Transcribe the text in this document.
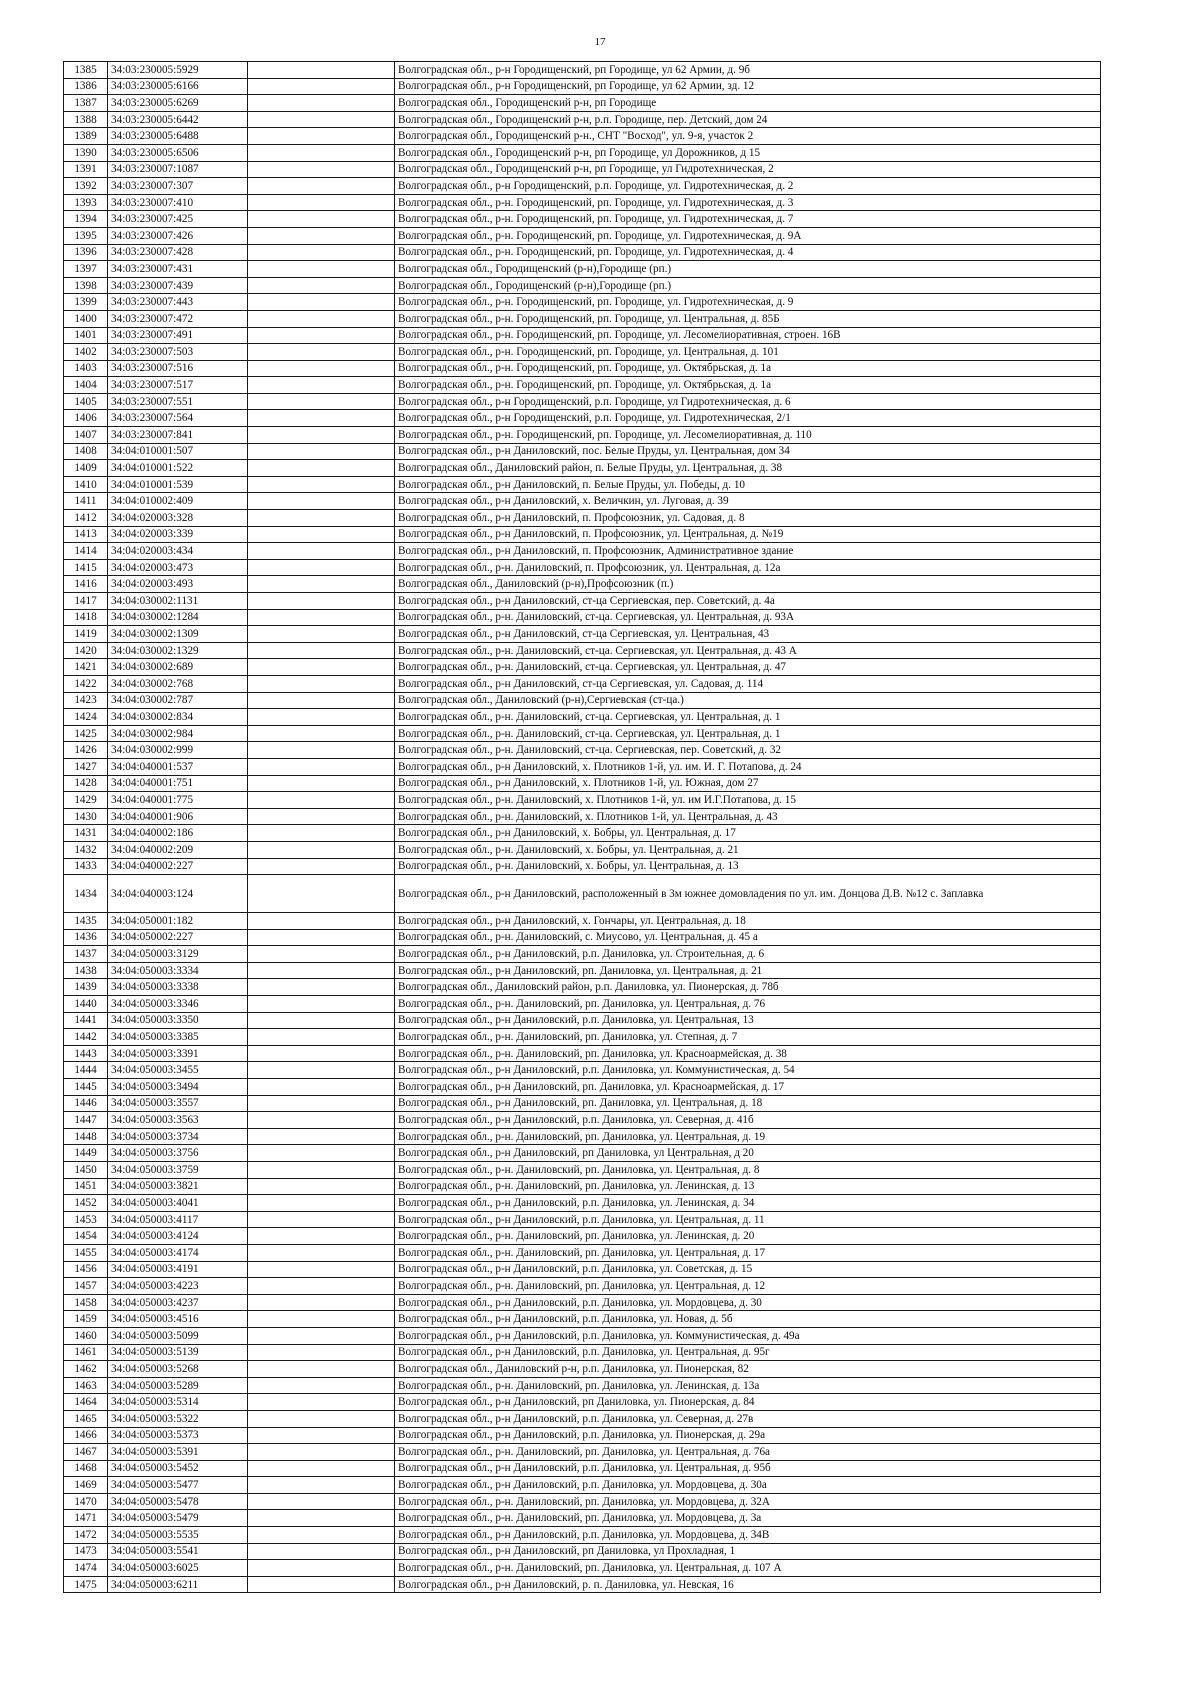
17
1385	34:03:230005:5929		Волгоградская обл., р-н Городищенский, рп Городище, ул 62 Армии, д. 9б
1386	34:03:230005:6166		Волгоградская обл., р-н Городищенский, рп Городище, ул 62 Армии, зд. 12
1387	34:03:230005:6269		Волгоградская обл., Городищенский р-н, рп Городище
1388	34:03:230005:6442		Волгоградская обл., Городищенский р-н, р.п. Городище, пер. Детский, дом 24
1389	34:03:230005:6488		Волгоградская обл., Городищенский р-н., СНТ "Восход", ул. 9-я, участок 2
1390	34:03:230005:6506		Волгоградская обл., Городищенский р-н, рп Городище, ул Дорожников, д 15
1391	34:03:230007:1087		Волгоградская обл., Городищенский р-н, рп Городище, ул Гидротехническая, 2
1392	34:03:230007:307		Волгоградская обл., р-н Городищенский, р.п. Городище, ул. Гидротехническая, д. 2
1393	34:03:230007:410		Волгоградская обл., р-н. Городищенский, рп. Городище, ул. Гидротехническая, д. 3
1394	34:03:230007:425		Волгоградская обл., р-н. Городищенский, рп. Городище, ул. Гидротехническая, д. 7
1395	34:03:230007:426		Волгоградская обл., р-н. Городищенский, рп. Городище, ул. Гидротехническая, д. 9А
1396	34:03:230007:428		Волгоградская обл., р-н. Городищенский, рп. Городище, ул. Гидротехническая, д. 4
1397	34:03:230007:431		Волгоградская обл., Городищенский (р-н),Городище (рп.)
1398	34:03:230007:439		Волгоградская обл., Городищенский (р-н),Городище (рп.)
1399	34:03:230007:443		Волгоградская обл., р-н. Городищенский, рп. Городище, ул. Гидротехническая, д. 9
1400	34:03:230007:472		Волгоградская обл., р-н. Городищенский, рп. Городище, ул. Центральная, д. 85Б
1401	34:03:230007:491		Волгоградская обл., р-н. Городищенский, рп. Городище, ул. Лесомелиоративная, строен. 16В
1402	34:03:230007:503		Волгоградская обл., р-н. Городищенский, рп. Городище, ул. Центральная, д. 101
1403	34:03:230007:516		Волгоградская обл., р-н. Городищенский, рп. Городище, ул. Октябрьская, д. 1а
1404	34:03:230007:517		Волгоградская обл., р-н. Городищенский, рп. Городище, ул. Октябрьская, д. 1а
1405	34:03:230007:551		Волгоградская обл., р-н Городищенский, р.п. Городище, ул Гидротехническая, д. 6
1406	34:03:230007:564		Волгоградская обл., р-н Городищенский, р.п. Городище, ул. Гидротехническая, 2/1
1407	34:03:230007:841		Волгоградская обл., р-н. Городищенский, рп. Городище, ул. Лесомелиоративная, д. 110
1408	34:04:010001:507		Волгоградская обл., р-н Даниловский, пос. Белые Пруды, ул. Центральная, дом 34
1409	34:04:010001:522		Волгоградская обл., Даниловский район, п. Белые Пруды, ул. Центральная, д. 38
1410	34:04:010001:539		Волгоградская обл., р-н Даниловский, п. Белые Пруды, ул. Победы, д. 10
1411	34:04:010002:409		Волгоградская обл., р-н Даниловский, х. Величкин, ул. Луговая, д. 39
1412	34:04:020003:328		Волгоградская обл., р-н Даниловский, п. Профсоюзник, ул. Садовая, д. 8
1413	34:04:020003:339		Волгоградская обл., р-н Даниловский, п. Профсоюзник, ул. Центральная, д. №19
1414	34:04:020003:434		Волгоградская обл., р-н Даниловский, п. Профсоюзник, Административное здание
1415	34:04:020003:473		Волгоградская обл., р-н. Даниловский, п. Профсоюзник, ул. Центральная, д. 12а
1416	34:04:020003:493		Волгоградская обл., Даниловский (р-н),Профсоюзник (п.)
1417	34:04:030002:1131		Волгоградская обл., р-н Даниловский, ст-ца Сергиевская, пер. Советский, д. 4а
1418	34:04:030002:1284		Волгоградская обл., р-н. Даниловский, ст-ца. Сергиевская, ул. Центральная, д. 93А
1419	34:04:030002:1309		Волгоградская обл., р-н Даниловский, ст-ца Сергиевская, ул. Центральная, 43
1420	34:04:030002:1329		Волгоградская обл., р-н. Даниловский, ст-ца. Сергиевская, ул. Центральная, д. 43 А
1421	34:04:030002:689		Волгоградская обл., р-н. Даниловский, ст-ца. Сергиевская, ул. Центральная, д. 47
1422	34:04:030002:768		Волгоградская обл., р-н Даниловский, ст-ца Сергиевская, ул. Садовая, д. 114
1423	34:04:030002:787		Волгоградская обл., Даниловский (р-н),Сергиевская (ст-ца.)
1424	34:04:030002:834		Волгоградская обл., р-н. Даниловский, ст-ца. Сергиевская, ул. Центральная, д. 1
1425	34:04:030002:984		Волгоградская обл., р-н. Даниловский, ст-ца. Сергиевская, ул. Центральная, д. 1
1426	34:04:030002:999		Волгоградская обл., р-н. Даниловский, ст-ца. Сергиевская, пер. Советский, д. 32
1427	34:04:040001:537		Волгоградская обл., р-н Даниловский, х. Плотников 1-й, ул. им. И. Г. Потапова, д. 24
1428	34:04:040001:751		Волгоградская обл., р-н Даниловский, х. Плотников 1-й, ул. Южная, дом 27
1429	34:04:040001:775		Волгоградская обл., р-н. Даниловский, х. Плотников 1-й, ул. им И.Г.Потапова, д. 15
1430	34:04:040001:906		Волгоградская обл., р-н. Даниловский, х. Плотников 1-й, ул. Центральная, д. 43
1431	34:04:040002:186		Волгоградская обл., р-н Даниловский, х. Бобры, ул. Центральная, д. 17
1432	34:04:040002:209		Волгоградская обл., р-н. Даниловский, х. Бобры, ул. Центральная, д. 21
1433	34:04:040002:227		Волгоградская обл., р-н. Даниловский, х. Бобры, ул. Центральная, д. 13
1434	34:04:040003:124		Волгоградская обл., р-н Даниловский, расположенный в 3м южнее домовладения по ул. им. Донцова Д.В. №12 с. Заплавка
1435	34:04:050001:182		Волгоградская обл., р-н Даниловский, х. Гончары, ул. Центральная, д. 18
1436	34:04:050002:227		Волгоградская обл., р-н. Даниловский, с. Миусово, ул. Центральная, д. 45 а
1437	34:04:050003:3129		Волгоградская обл., р-н Даниловский, р.п. Даниловка, ул. Строительная, д. 6
1438	34:04:050003:3334		Волгоградская обл., р-н Даниловский, рп. Даниловка, ул. Центральная, д. 21
1439	34:04:050003:3338		Волгоградская обл., Даниловский район, р.п. Даниловка, ул. Пионерская, д. 78б
1440	34:04:050003:3346		Волгоградская обл., р-н. Даниловский, рп. Даниловка, ул. Центральная, д. 76
1441	34:04:050003:3350		Волгоградская обл., р-н Даниловский, р.п. Даниловка, ул. Центральная, 13
1442	34:04:050003:3385		Волгоградская обл., р-н. Даниловский, рп. Даниловка, ул. Степная, д. 7
1443	34:04:050003:3391		Волгоградская обл., р-н. Даниловский, рп. Даниловка, ул. Красноармейская, д. 38
1444	34:04:050003:3455		Волгоградская обл., р-н Даниловский, р.п. Даниловка, ул. Коммунистическая, д. 54
1445	34:04:050003:3494		Волгоградская обл., р-н Даниловский, рп. Даниловка, ул. Красноармейская, д. 17
1446	34:04:050003:3557		Волгоградская обл., р-н Даниловский, рп. Даниловка, ул. Центральная, д. 18
1447	34:04:050003:3563		Волгоградская обл., р-н Даниловский, р.п. Даниловка, ул. Северная, д. 41б
1448	34:04:050003:3734		Волгоградская обл., р-н. Даниловский, рп. Даниловка, ул. Центральная, д. 19
1449	34:04:050003:3756		Волгоградская обл., р-н Даниловский, рп Даниловка, ул Центральная, д 20
1450	34:04:050003:3759		Волгоградская обл., р-н. Даниловский, рп. Даниловка, ул. Центральная, д. 8
1451	34:04:050003:3821		Волгоградская обл., р-н. Даниловский, рп. Даниловка, ул. Ленинская, д. 13
1452	34:04:050003:4041		Волгоградская обл., р-н Даниловский, р.п. Даниловка, ул. Ленинская, д. 34
1453	34:04:050003:4117		Волгоградская обл., р-н Даниловский, р.п. Даниловка, ул. Центральная, д. 11
1454	34:04:050003:4124		Волгоградская обл., р-н. Даниловский, рп. Даниловка, ул. Ленинская, д. 20
1455	34:04:050003:4174		Волгоградская обл., р-н. Даниловский, рп. Даниловка, ул. Центральная, д. 17
1456	34:04:050003:4191		Волгоградская обл., р-н Даниловский, р.п. Даниловка, ул. Советская, д. 15
1457	34:04:050003:4223		Волгоградская обл., р-н. Даниловский, рп. Даниловка, ул. Центральная, д. 12
1458	34:04:050003:4237		Волгоградская обл., р-н Даниловский, р.п. Даниловка, ул. Мордовцева, д. 30
1459	34:04:050003:4516		Волгоградская обл., р-н Даниловский, р.п. Даниловка, ул. Новая, д. 5б
1460	34:04:050003:5099		Волгоградская обл., р-н Даниловский, р.п. Даниловка, ул. Коммунистическая, д. 49а
1461	34:04:050003:5139		Волгоградская обл., р-н Даниловский, р.п. Даниловка, ул. Центральная, д. 95г
1462	34:04:050003:5268		Волгоградская обл., Даниловский р-н, р.п. Даниловка, ул. Пионерская, 82
1463	34:04:050003:5289		Волгоградская обл., р-н. Даниловский, рп. Даниловка, ул. Ленинская, д. 13а
1464	34:04:050003:5314		Волгоградская обл., р-н Даниловский, рп Даниловка, ул. Пионерская, д. 84
1465	34:04:050003:5322		Волгоградская обл., р-н Даниловский, р.п. Даниловка, ул. Северная, д. 27в
1466	34:04:050003:5373		Волгоградская обл., р-н Даниловский, р.п. Даниловка, ул. Пионерская, д. 29а
1467	34:04:050003:5391		Волгоградская обл., р-н. Даниловский, рп. Даниловка, ул. Центральная, д. 76а
1468	34:04:050003:5452		Волгоградская обл., р-н Даниловский, р.п. Даниловка, ул. Центральная, д. 95б
1469	34:04:050003:5477		Волгоградская обл., р-н Даниловский, р.п. Даниловка, ул. Мордовцева, д. 30а
1470	34:04:050003:5478		Волгоградская обл., р-н. Даниловский, рп. Даниловка, ул. Мордовцева, д. 32А
1471	34:04:050003:5479		Волгоградская обл., р-н. Даниловский, рп. Даниловка, ул. Мордовцева, д. 3а
1472	34:04:050003:5535		Волгоградская обл., р-н Даниловский, р.п. Даниловка, ул. Мордовцева, д. 34В
1473	34:04:050003:5541		Волгоградская обл., р-н Даниловский, рп Даниловка, ул Прохладная, 1
1474	34:04:050003:6025		Волгоградская обл., р-н. Даниловский, рп. Даниловка, ул. Центральная, д. 107 А
1475	34:04:050003:6211		Волгоградская обл., р-н Даниловский, р. п. Даниловка, ул. Невская, 16
